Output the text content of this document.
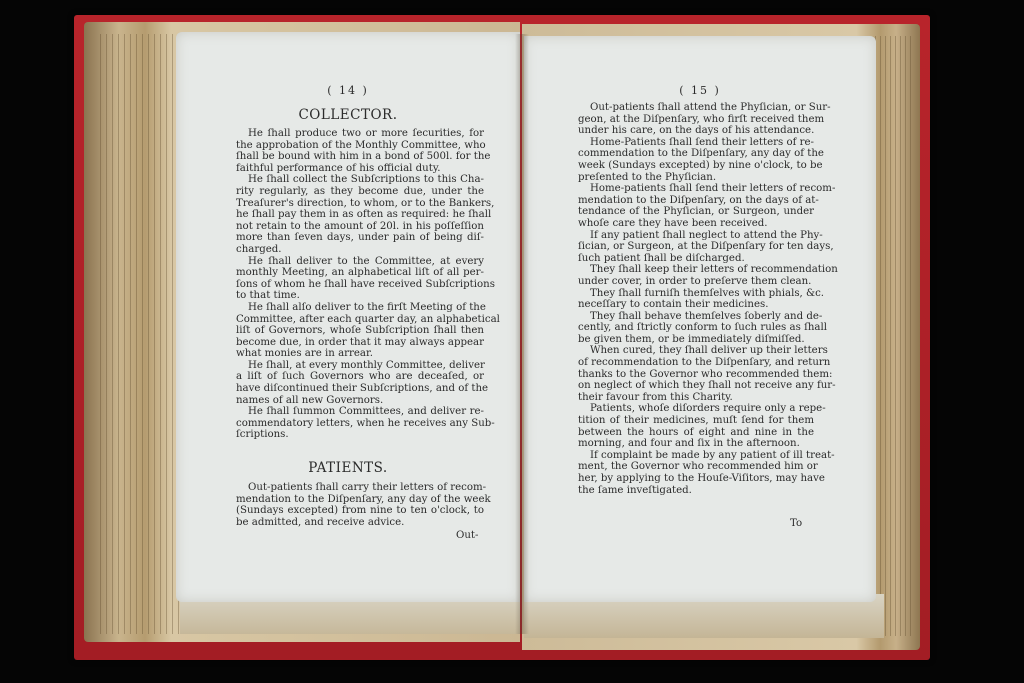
( 14 )
COLLECTOR.
He ſhall produce two or more ſecurities, for
the approbation of the Monthly Committee, who
ſhall be bound with him in a bond of 500l. for the
faithful performance of his official duty.
He ſhall collect the Subſcriptions to this Cha-
rity regularly, as they become due, under the
Treaſurer's direction, to whom, or to the Bankers,
he ſhall pay them in as often as required: he ſhall
not retain to the amount of 20l. in his poſſeſſion
more than ſeven days, under pain of being diſ-
charged.
He ſhall deliver to the Committee, at every
monthly Meeting, an alphabetical liſt of all per-
ſons of whom he ſhall have received Subſcriptions
to that time.
He ſhall alſo deliver to the firſt Meeting of the
Committee, after each quarter day, an alphabetical
liſt of Governors, whoſe Subſcription ſhall then
become due, in order that it may always appear
what monies are in arrear.
He ſhall, at every monthly Committee, deliver
a liſt of ſuch Governors who are deceaſed, or
have diſcontinued their Subſcriptions, and of the
names of all new Governors.
He ſhall ſummon Committees, and deliver re-
commendatory letters, when he receives any Sub-
ſcriptions.
PATIENTS.
Out-patients ſhall carry their letters of recom-
mendation to the Diſpenſary, any day of the week
(Sundays excepted) from nine to ten o'clock, to
be admitted, and receive advice.
Out-
( 15 )
Out-patients ſhall attend the Phyſician, or Sur-
geon, at the Diſpenſary, who firſt received them
under his care, on the days of his attendance.
Home-Patients ſhall ſend their letters of re-
commendation to the Diſpenſary, any day of the
week (Sundays excepted) by nine o'clock, to be
preſented to the Phyſician.
Home-patients ſhall ſend their letters of recom-
mendation to the Diſpenſary, on the days of at-
tendance of the Phyſician, or Surgeon, under
whoſe care they have been received.
If any patient ſhall neglect to attend the Phy-
ſician, or Surgeon, at the Diſpenſary for ten days,
ſuch patient ſhall be diſcharged.
They ſhall keep their letters of recommendation
under cover, in order to preſerve them clean.
They ſhall furniſh themſelves with phials, &c.
neceſſary to contain their medicines.
They ſhall behave themſelves ſoberly and de-
cently, and ſtrictly conform to ſuch rules as ſhall
be given them, or be immediately diſmiſſed.
When cured, they ſhall deliver up their letters
of recommendation to the Diſpenſary, and return
thanks to the Governor who recommended them:
on neglect of which they ſhall not receive any fur-
their favour from this Charity.
Patients, whoſe diſorders require only a repe-
tition of their medicines, muſt ſend for them
between the hours of eight and nine in the
morning, and four and ſix in the afternoon.
If complaint be made by any patient of ill treat-
ment, the Governor who recommended him or
her, by applying to the Houſe-Viſitors, may have
the ſame inveſtigated.
To
